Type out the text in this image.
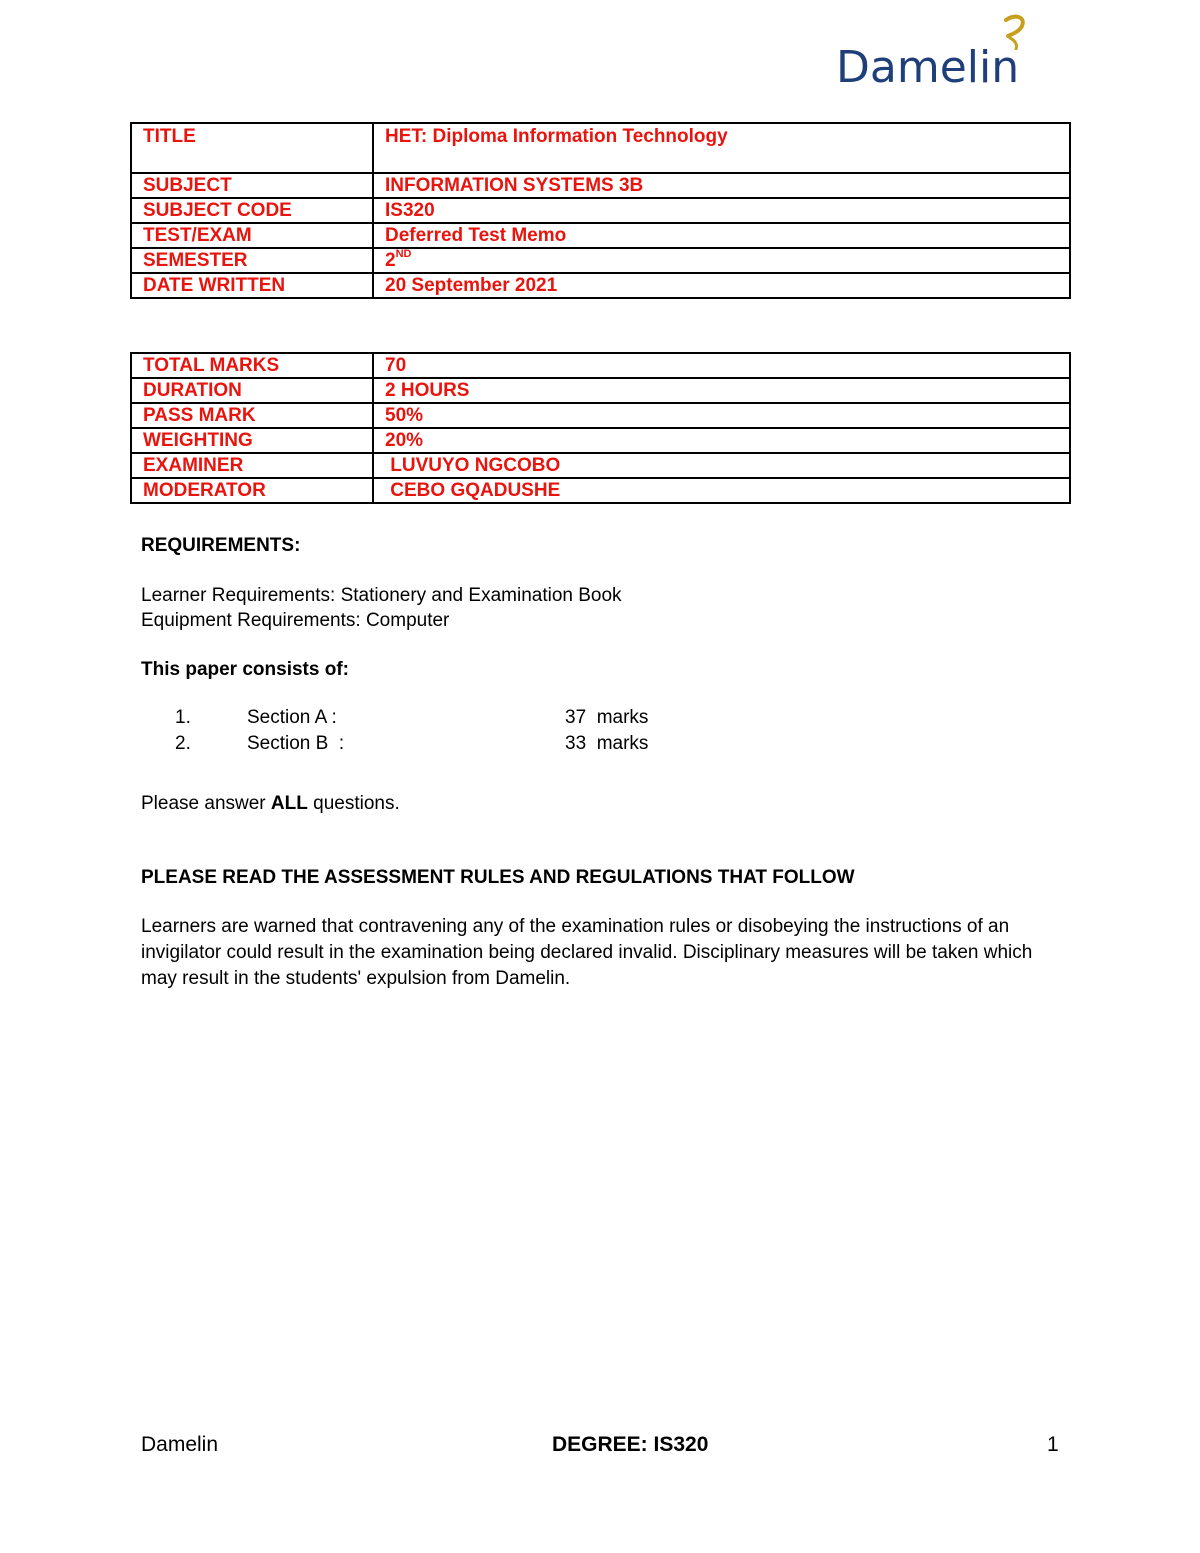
Damelin
TITLE	HET: Diploma Information Technology
SUBJECT	INFORMATION SYSTEMS 3B
SUBJECT CODE	IS320
TEST/EXAM	Deferred Test Memo
SEMESTER	2ND
DATE WRITTEN	20 September 2021
TOTAL MARKS	70
DURATION	2 HOURS
PASS MARK	50%
WEIGHTING	20%
EXAMINER	LUVUYO NGCOBO
MODERATOR	CEBO GQADUSHE
REQUIREMENTS:
Learner Requirements: Stationery and Examination Book
Equipment Requirements: Computer
This paper consists of:
1.	Section A :	37  marks
2.	Section B  :	33  marks
Please answer ALL questions.
PLEASE READ THE ASSESSMENT RULES AND REGULATIONS THAT FOLLOW
Learners are warned that contravening any of the examination rules or disobeying the instructions of an invigilator could result in the examination being declared invalid. Disciplinary measures will be taken which may result in the students' expulsion from Damelin.
Damelin	DEGREE: IS320	1
